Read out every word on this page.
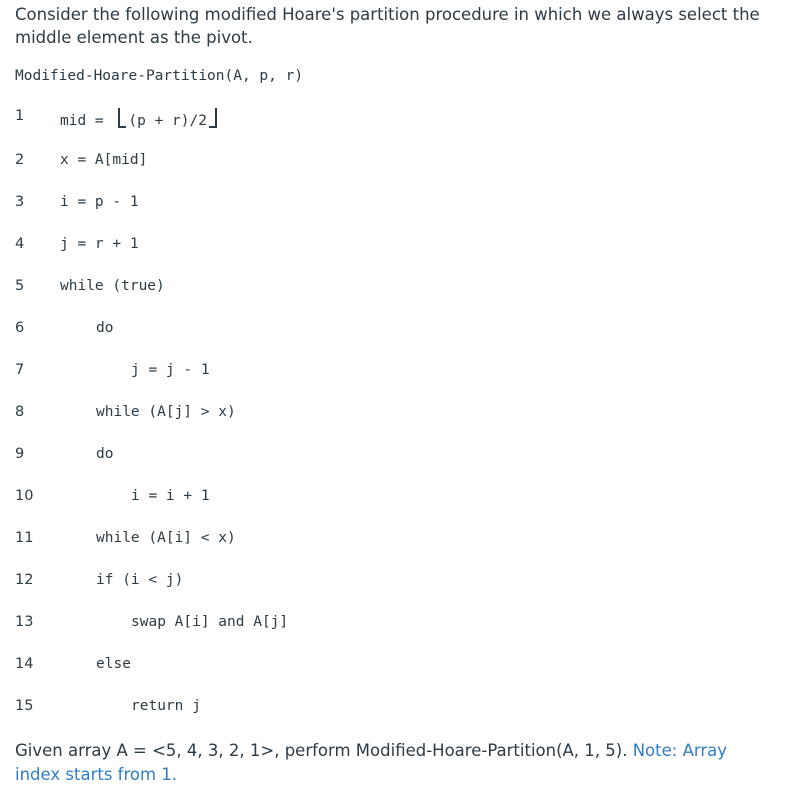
Consider the following modified Hoare's partition procedure in which we always select the middle element as the pivot.
Modified-Hoare-Partition(A, p, r)
1 mid = (p + r)/2
2 x = A[mid]
3 i = p - 1
4 j = r + 1
5 while (true)
6	do
7	j = j - 1
8	while (A[j] > x)
9	do
10	i = i + 1
11	while (A[i] < x)
12	if (i < j)
13	swap A[i] and A[j]
14	else
15	return j
Given array A = <5, 4, 3, 2, 1>, perform Modified-Hoare-Partition(A, 1, 5). Note: Array index starts from 1.
